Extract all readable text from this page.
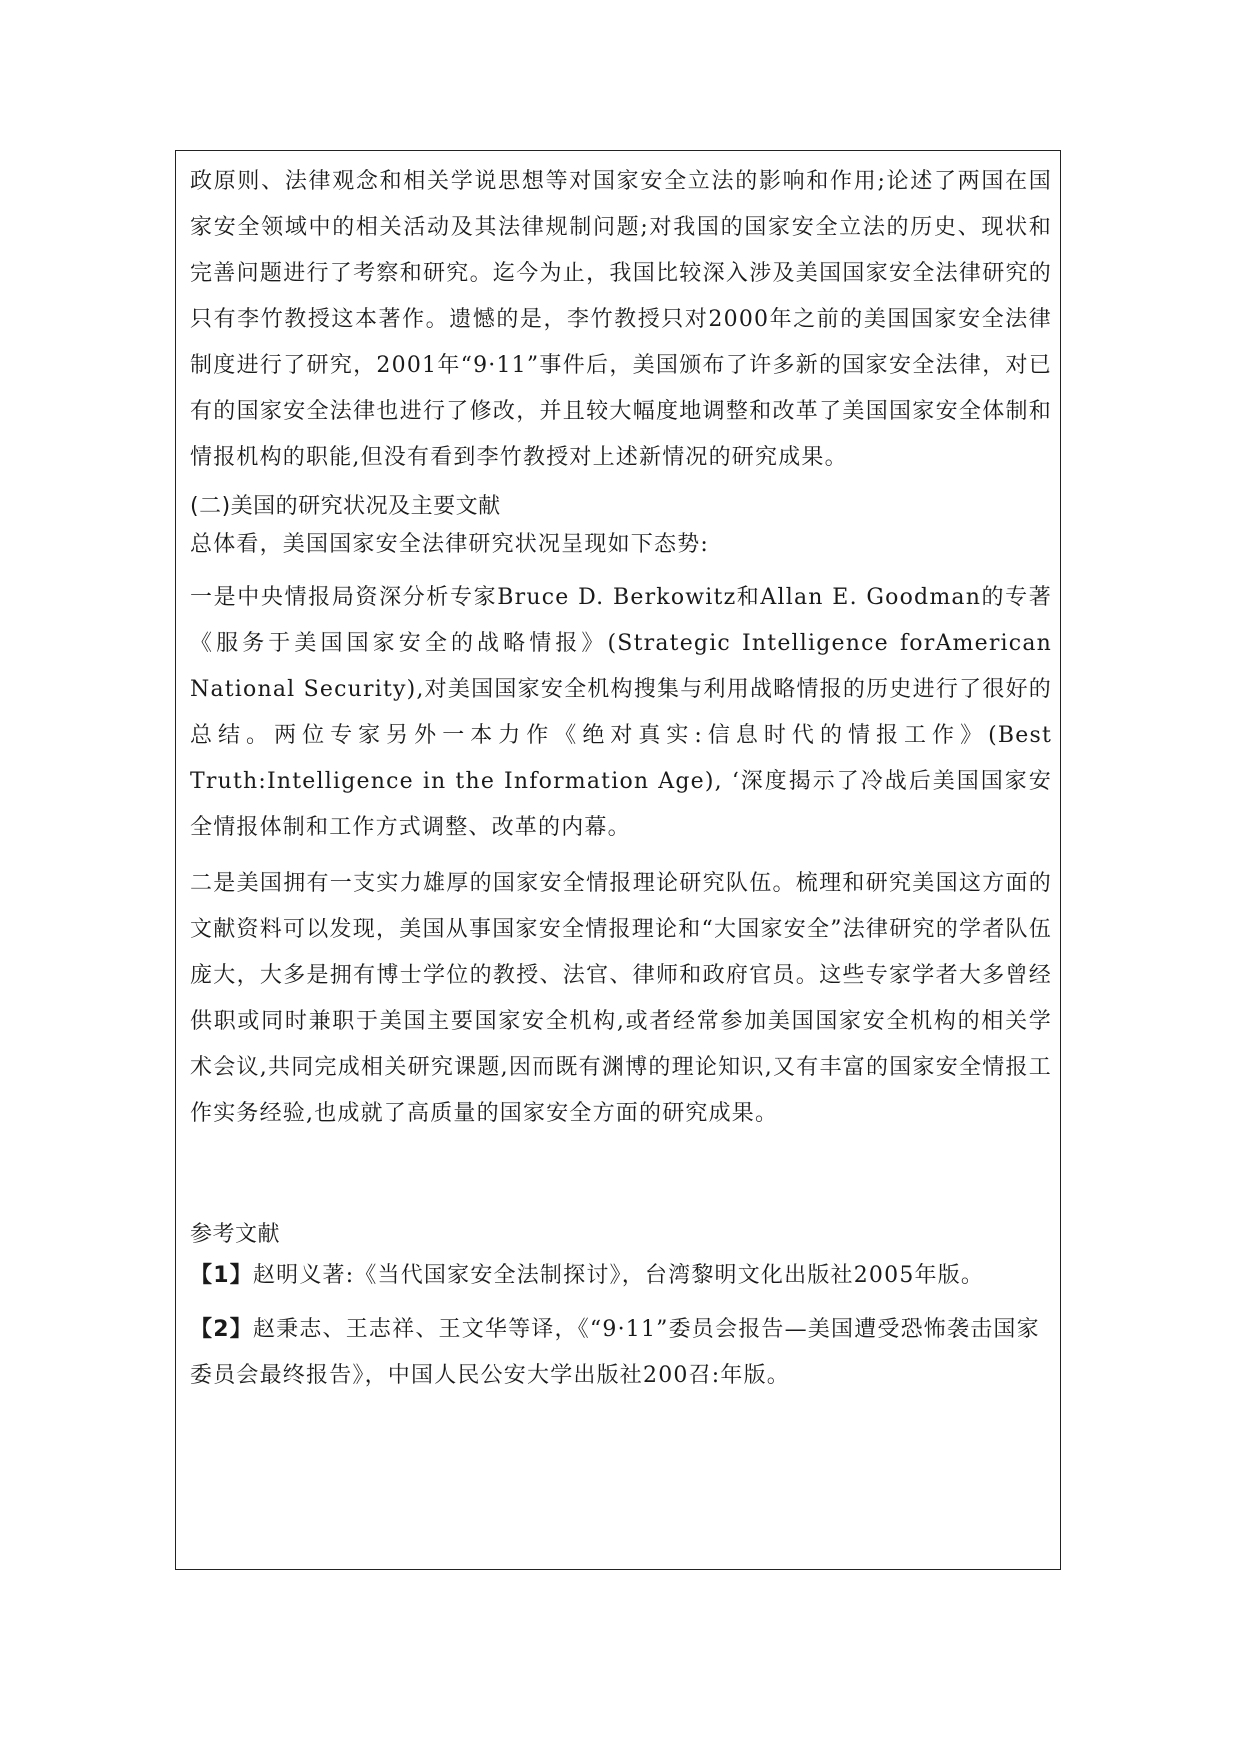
政原则、法律观念和相关学说思想等对国家安全立法的影响和作用;论述了两国在国家安全领域中的相关活动及其法律规制问题;对我国的国家安全立法的历史、现状和完善问题进行了考察和研究。迄今为止，我国比较深入涉及美国国家安全法律研究的只有李竹教授这本著作。遗憾的是，李竹教授只对2000年之前的美国国家安全法律制度进行了研究，2001年“9·11”事件后，美国颁布了许多新的国家安全法律，对已有的国家安全法律也进行了修改，并且较大幅度地调整和改革了美国国家安全体制和情报机构的职能,但没有看到李竹教授对上述新情况的研究成果。

(二)美国的研究状况及主要文献

总体看，美国国家安全法律研究状况呈现如下态势:

一是中央情报局资深分析专家Bruce D. Berkowitz和Allan E. Goodman的专著《服务于美国国家安全的战略情报》(Strategic Intelligence forAmerican National Security),对美国国家安全机构搜集与利用战略情报的历史进行了很好的总结。两位专家另外一本力作《绝对真实:信息时代的情报工作》(Best Truth:Intelligence in the Information Age), ‘深度揭示了冷战后美国国家安全情报体制和工作方式调整、改革的内幕。

二是美国拥有一支实力雄厚的国家安全情报理论研究队伍。梳理和研究美国这方面的文献资料可以发现，美国从事国家安全情报理论和“大国家安全”法律研究的学者队伍庞大，大多是拥有博士学位的教授、法官、律师和政府官员。这些专家学者大多曾经供职或同时兼职于美国主要国家安全机构,或者经常参加美国国家安全机构的相关学术会议,共同完成相关研究课题,因而既有渊博的理论知识,又有丰富的国家安全情报工作实务经验,也成就了高质量的国家安全方面的研究成果。

参考文献

【1】赵明义著:《当代国家安全法制探讨》，台湾黎明文化出版社2005年版。

【2】赵秉志、王志祥、王文华等译，《“9·11”委员会报告—美国遭受恐怖袭击国家委员会最终报告》，中国人民公安大学出版社200召:年版。
